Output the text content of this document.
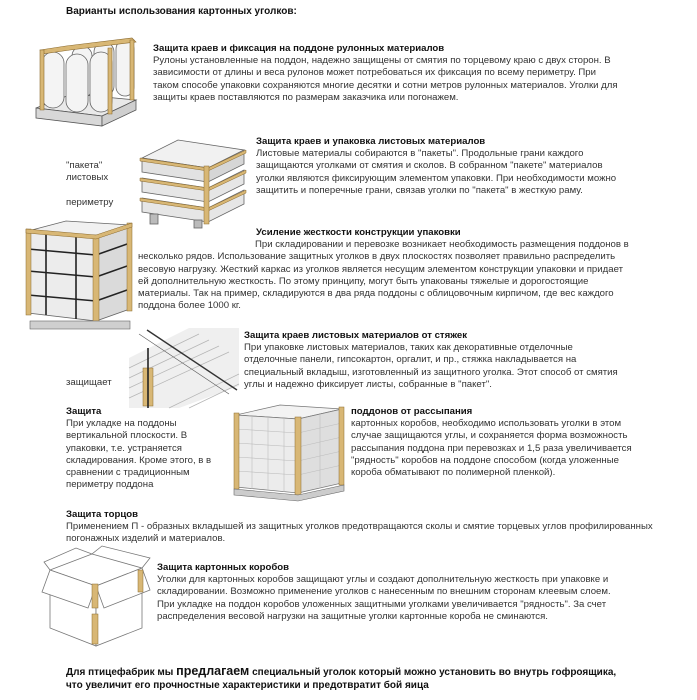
Варианты использования картонных уголков:
Защита краев и фиксация на поддоне рулонных материалов
Рулоны установленные на поддон, надежно защищены от смятия по торцевому краю с двух сторон. В зависимости от длины и веса рулонов может потребоваться их фиксация по всему периметру. При таком способе упаковки сохраняются многие десятки и сотни метров рулонных материалов. Уголки для защиты краев поставляются по размерам заказчика или погонажем.
"пакета"
листовых
периметру
Защита краев и упаковка листовых материалов
Листовые материалы собираются в "пакеты". Продольные грани каждого защищаются уголками от смятия и сколов. В собранном "пакете" материалов уголки являются фиксирующим элементом упаковки. При необходимости можно защитить и поперечные грани, связав уголки по "пакета" в жесткую раму.
Усиление жесткости конструкции упаковки
При складировании и перевозке возникает необходимость размещения поддонов в несколько рядов. Использование защитных уголков в двух плоскостях позволяет правильно распределить весовую нагрузку. Жесткий каркас из уголков является несущим элементом конструкции упаковки и придает ей дополнительную жесткость. По этому принципу, могут быть упакованы тяжелые и дорогостоящие материалы. Так на пример, складируются в два ряда поддоны с облицовочным кирпичом, где вес каждого поддона более 1000 кг.
защищает
Защита краев листовых материалов от стяжек
При упаковке листовых материалов, таких как декоративные отделочные отделочные панели, гипсокартон, оргалит, и пр., стяжка накладывается на специальный вкладыш, изготовленный из защитного уголка. Этот способ от смятия углы и надежно фиксирует листы, собранные в "пакет".
Защита
При укладке на поддоны вертикальной плоскости. В упаковки, т.е. устраняется складирования. Кроме этого, в в сравнении с традиционным периметру поддона
поддонов от рассыпания
картонных коробов, необходимо использовать уголки в этом случае защищаются углы, и сохраняется форма возможность рассыпания поддона при перевозках и 1,5 раза увеличивается "рядность" коробов на поддоне способом (когда уложенные короба обматывают по полимерной пленкой).
Защита торцов
Применением П - образных вкладышей из защитных уголков предотвращаются сколы и смятие торцевых углов профилированных погонажных изделий и материалов.
Защита картонных коробов
Уголки для картонных коробов защищают углы и создают дополнительную жесткость при упаковке и складировании. Возможно применение уголков с нанесенным по внешним сторонам клеевым слоем. При укладке на поддон коробов уложенных защитными уголками увеличивается "рядность". За счет распределения весовой нагрузки на защитные уголки картонные короба не сминаются.
Для птицефабрик мы предлагаем специальный уголок который можно установить во внутрь гофроящика,
что увеличит его прочностные характеристики и предотвратит бой яица
